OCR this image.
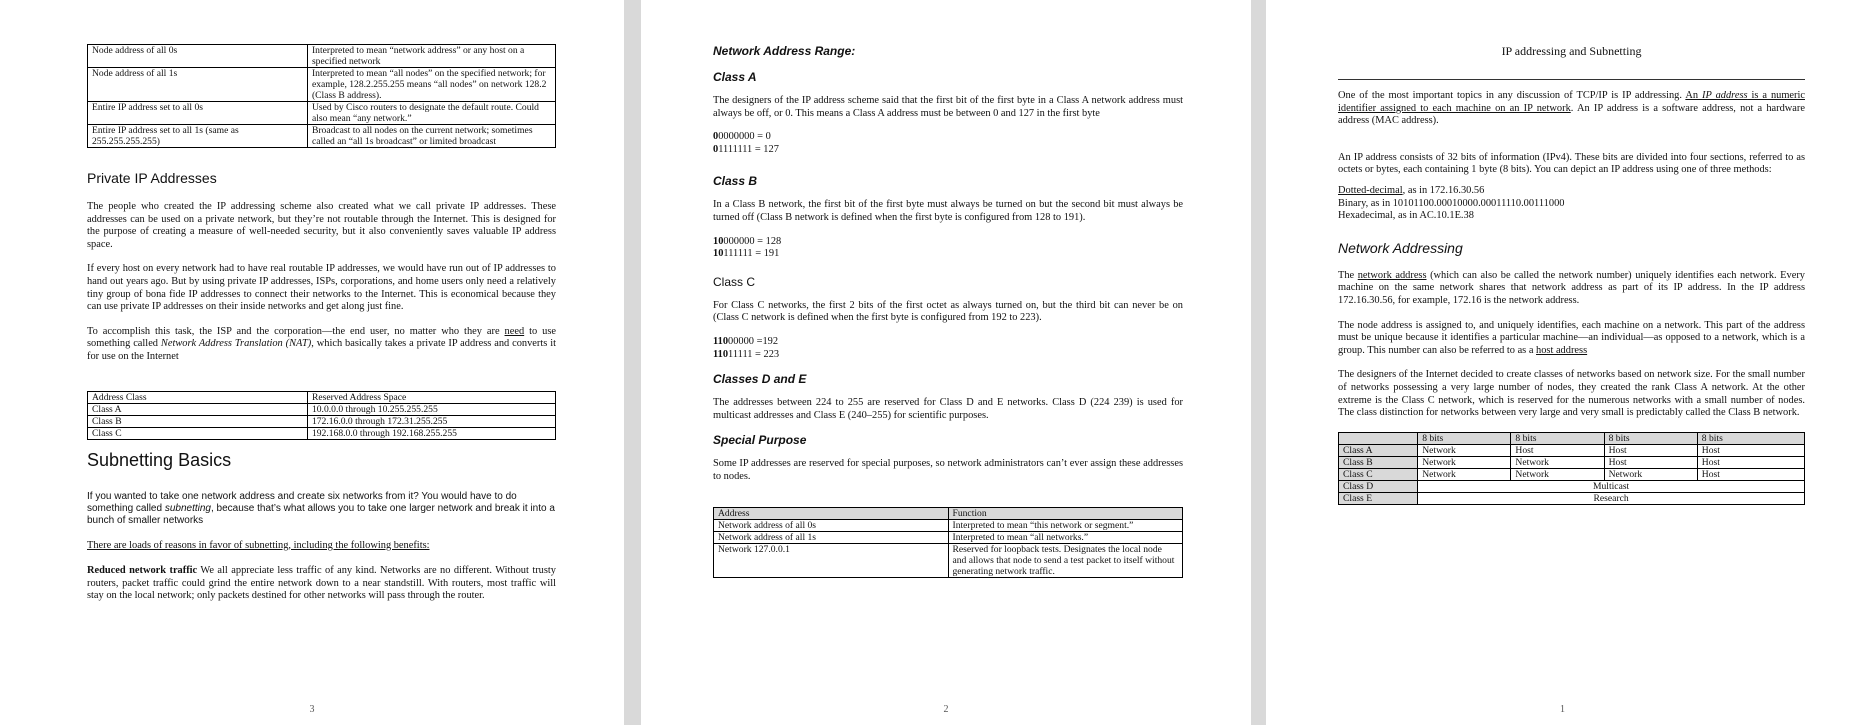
Node address of all 0s	Interpreted to mean “network address” or any host on a specified network
Node address of all 1s	Interpreted to mean “all nodes” on the specified network; for example, 128.2.255.255 means “all nodes” on network 128.2 (Class B address).
Entire IP address set to all 0s	Used by Cisco routers to designate the default route. Could also mean “any network.”
Entire IP address set to all 1s (same as 255.255.255.255)	Broadcast to all nodes on the current network; sometimes called an “all 1s broadcast” or limited broadcast
Private IP Addresses

The people who created the IP addressing scheme also created what we call private IP addresses. These addresses can be used on a private network, but they’re not routable through the Internet. This is designed for the purpose of creating a measure of well-needed security, but it also conveniently saves valuable IP address space.

If every host on every network had to have real routable IP addresses, we would have run out of IP addresses to hand out years ago. But by using private IP addresses, ISPs, corporations, and home users only need a relatively tiny group of bona fide IP addresses to connect their networks to the Internet. This is economical because they can use private IP addresses on their inside networks and get along just fine.

To accomplish this task, the ISP and the corporation—the end user, no matter who they are need to use something called Network Address Translation (NAT), which basically takes a private IP address and converts it for use on the Internet

Address Class	Reserved Address Space
Class A	10.0.0.0 through 10.255.255.255
Class B	172.16.0.0 through 172.31.255.255
Class C	192.168.0.0 through 192.168.255.255
Subnetting Basics

If you wanted to take one network address and create six networks from it? You would have to do something called subnetting, because that’s what allows you to take one larger network and break it into a bunch of smaller networks

There are loads of reasons in favor of subnetting, including the following benefits:

Reduced network traffic We all appreciate less traffic of any kind. Networks are no different. Without trusty routers, packet traffic could grind the entire network down to a near standstill. With routers, most traffic will stay on the local network; only packets destined for other networks will pass through the router.

3
Network Address Range:
Class A

The designers of the IP address scheme said that the first bit of the first byte in a Class A network address must always be off, or 0. This means a Class A address must be between 0 and 127 in the first byte

00000000 = 0

01111111 = 127

Class B

In a Class B network, the first bit of the first byte must always be turned on but the second bit must always be turned off (Class B network is defined when the first byte is configured from 128 to 191).

10000000 = 128

10111111 = 191

Class C

For Class C networks, the first 2 bits of the first octet as always turned on, but the third bit can never be on (Class C network is defined when the first byte is configured from 192 to 223).

11000000 =192

11011111 = 223

Classes D and E

The addresses between 224 to 255 are reserved for Class D and E networks. Class D (224 239) is used for multicast addresses and Class E (240–255) for scientific purposes.

Special Purpose

Some IP addresses are reserved for special purposes, so network administrators can’t ever assign these addresses to nodes.

Address	Function
Network address of all 0s	Interpreted to mean “this network or segment.”
Network address of all 1s	Interpreted to mean “all networks.”
Network 127.0.0.1	Reserved for loopback tests. Designates the local node and allows that node to send a test packet to itself without generating network traffic.
2
IP addressing and Subnetting

One of the most important topics in any discussion of TCP/IP is IP addressing. An IP address is a numeric identifier assigned to each machine on an IP network. An IP address is a software address, not a hardware address (MAC address).

An IP address consists of 32 bits of information (IPv4). These bits are divided into four sections, referred to as octets or bytes, each containing 1 byte (8 bits). You can depict an IP address using one of three methods:

Dotted-decimal, as in 172.16.30.56

Binary, as in 10101100.00010000.00011110.00111000

Hexadecimal, as in AC.10.1E.38

Network Addressing

The network address (which can also be called the network number) uniquely identifies each network. Every machine on the same network shares that network address as part of its IP address. In the IP address 172.16.30.56, for example, 172.16 is the network address.

The node address is assigned to, and uniquely identifies, each machine on a network. This part of the address must be unique because it identifies a particular machine—an individual—as opposed to a network, which is a group. This number can also be referred to as a host address

The designers of the Internet decided to create classes of networks based on network size. For the small number of networks possessing a very large number of nodes, they created the rank Class A network. At the other extreme is the Class C network, which is reserved for the numerous networks with a small number of nodes. The class distinction for networks between very large and very small is predictably called the Class B network.

	8 bits	8 bits	8 bits	8 bits
Class A	Network	Host	Host	Host
Class B	Network	Network	Host	Host
Class C	Network	Network	Network	Host
Class D	Multicast			
Class E	Research			
1
